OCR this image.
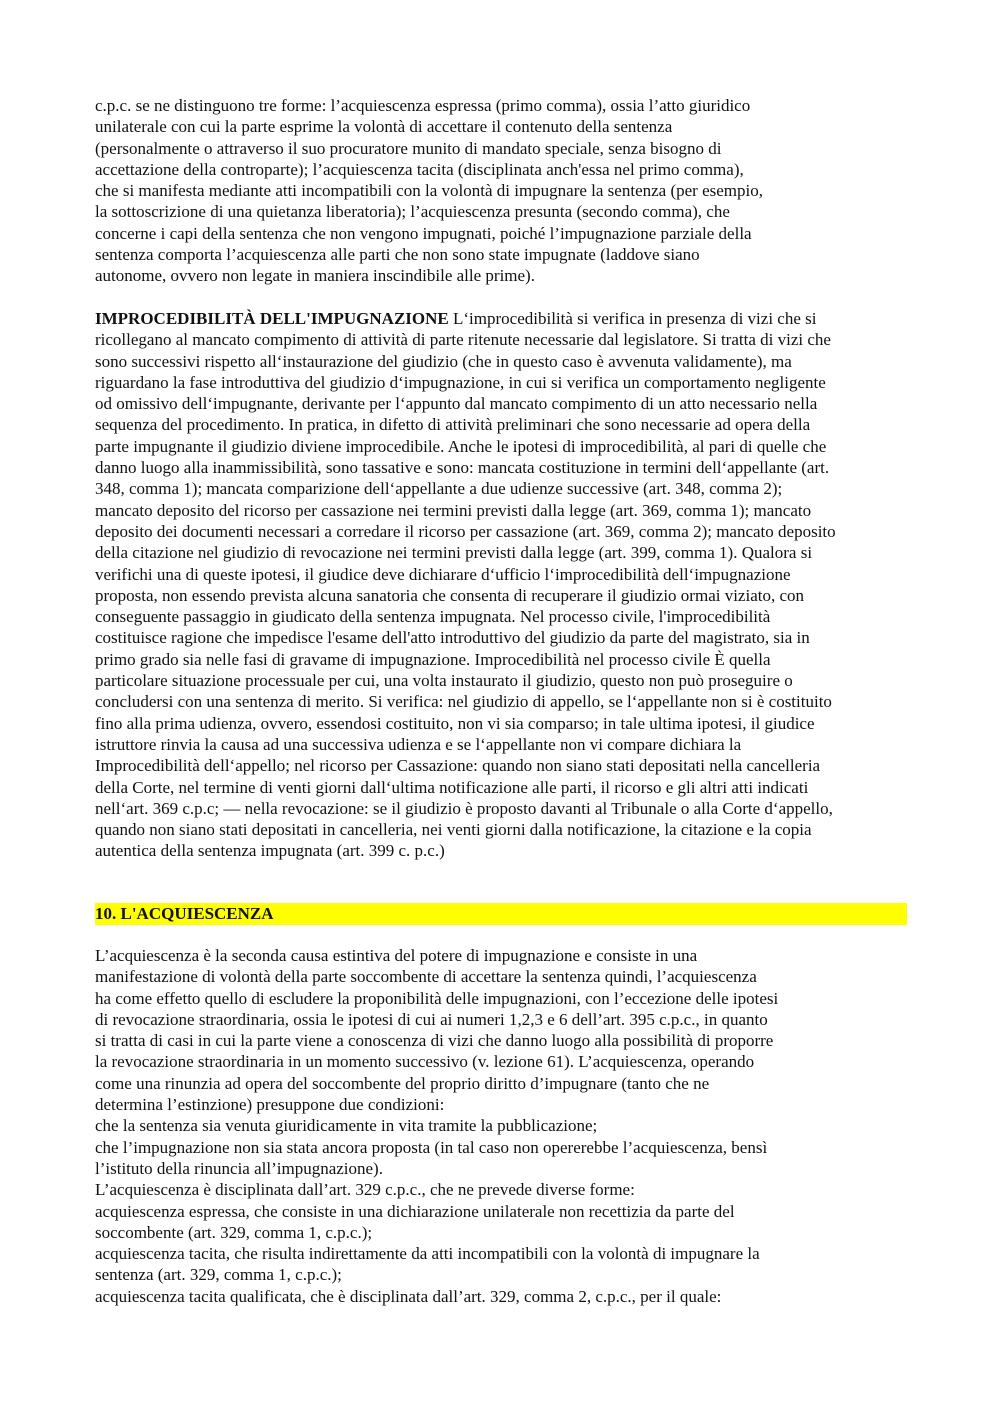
c.p.c. se ne distinguono tre forme: l’acquiescenza espressa (primo comma), ossia l’atto giuridico
unilaterale con cui la parte esprime la volontà di accettare il contenuto della sentenza
(personalmente o attraverso il suo procuratore munito di mandato speciale, senza bisogno di
accettazione della controparte); l’acquiescenza tacita (disciplinata anch'essa nel primo comma),
che si manifesta mediante atti incompatibili con la volontà di impugnare la sentenza (per esempio,
la sottoscrizione di una quietanza liberatoria); l’acquiescenza presunta (secondo comma), che
concerne i capi della sentenza che non vengono impugnati, poiché l’impugnazione parziale della
sentenza comporta l’acquiescenza alle parti che non sono state impugnate (laddove siano
autonome, ovvero non legate in maniera inscindibile alle prime).
IMPROCEDIBILITÀ DELL'IMPUGNAZIONE L‘improcedibilità si verifica in presenza di vizi che si
ricollegano al mancato compimento di attività di parte ritenute necessarie dal legislatore. Si tratta di vizi che
sono successivi rispetto all‘instaurazione del giudizio (che in questo caso è avvenuta validamente), ma
riguardano la fase introduttiva del giudizio d‘impugnazione, in cui si verifica un comportamento negligente
od omissivo dell‘impugnante, derivante per l‘appunto dal mancato compimento di un atto necessario nella
sequenza del procedimento. In pratica, in difetto di attività preliminari che sono necessarie ad opera della
parte impugnante il giudizio diviene improcedibile. Anche le ipotesi di improcedibilità, al pari di quelle che
danno luogo alla inammissibilità, sono tassative e sono: mancata costituzione in termini dell‘appellante (art.
348, comma 1); mancata comparizione dell‘appellante a due udienze successive (art. 348, comma 2);
mancato deposito del ricorso per cassazione nei termini previsti dalla legge (art. 369, comma 1); mancato
deposito dei documenti necessari a corredare il ricorso per cassazione (art. 369, comma 2); mancato deposito
della citazione nel giudizio di revocazione nei termini previsti dalla legge (art. 399, comma 1). Qualora si
verifichi una di queste ipotesi, il giudice deve dichiarare d‘ufficio l‘improcedibilità dell‘impugnazione
proposta, non essendo prevista alcuna sanatoria che consenta di recuperare il giudizio ormai viziato, con
conseguente passaggio in giudicato della sentenza impugnata. Nel processo civile, l'improcedibilità
costituisce ragione che impedisce l'esame dell'atto introduttivo del giudizio da parte del magistrato, sia in
primo grado sia nelle fasi di gravame di impugnazione. Improcedibilità nel processo civile È quella
particolare situazione processuale per cui, una volta instaurato il giudizio, questo non può proseguire o
concludersi con una sentenza di merito. Si verifica: nel giudizio di appello, se l‘appellante non si è costituito
fino alla prima udienza, ovvero, essendosi costituito, non vi sia comparso; in tale ultima ipotesi, il giudice
istruttore rinvia la causa ad una successiva udienza e se l‘appellante non vi compare dichiara la
Improcedibilità dell‘appello; nel ricorso per Cassazione: quando non siano stati depositati nella cancelleria
della Corte, nel termine di venti giorni dall‘ultima notificazione alle parti, il ricorso e gli altri atti indicati
nell‘art. 369 c.p.c; — nella revocazione: se il giudizio è proposto davanti al Tribunale o alla Corte d‘appello,
quando non siano stati depositati in cancelleria, nei venti giorni dalla notificazione, la citazione e la copia
autentica della sentenza impugnata (art. 399 c. p.c.)
10. L'ACQUIESCENZA
L’acquiescenza è la seconda causa estintiva del potere di impugnazione e consiste in una
manifestazione di volontà della parte soccombente di accettare la sentenza quindi, l’acquiescenza
ha come effetto quello di escludere la proponibilità delle impugnazioni, con l’eccezione delle ipotesi
di revocazione straordinaria, ossia le ipotesi di cui ai numeri 1,2,3 e 6 dell’art. 395 c.p.c., in quanto
si tratta di casi in cui la parte viene a conoscenza di vizi che danno luogo alla possibilità di proporre
la revocazione straordinaria in un momento successivo (v. lezione 61). L’acquiescenza, operando
come una rinunzia ad opera del soccombente del proprio diritto d’impugnare (tanto che ne
determina l’estinzione) presuppone due condizioni:
che la sentenza sia venuta giuridicamente in vita tramite la pubblicazione;
che l’impugnazione non sia stata ancora proposta (in tal caso non opererebbe l’acquiescenza, bensì
l’istituto della rinuncia all’impugnazione).
L’acquiescenza è disciplinata dall’art. 329 c.p.c., che ne prevede diverse forme:
acquiescenza espressa, che consiste in una dichiarazione unilaterale non recettizia da parte del
soccombente (art. 329, comma 1, c.p.c.);
acquiescenza tacita, che risulta indirettamente da atti incompatibili con la volontà di impugnare la
sentenza (art. 329, comma 1, c.p.c.);
acquiescenza tacita qualificata, che è disciplinata dall’art. 329, comma 2, c.p.c., per il quale:
